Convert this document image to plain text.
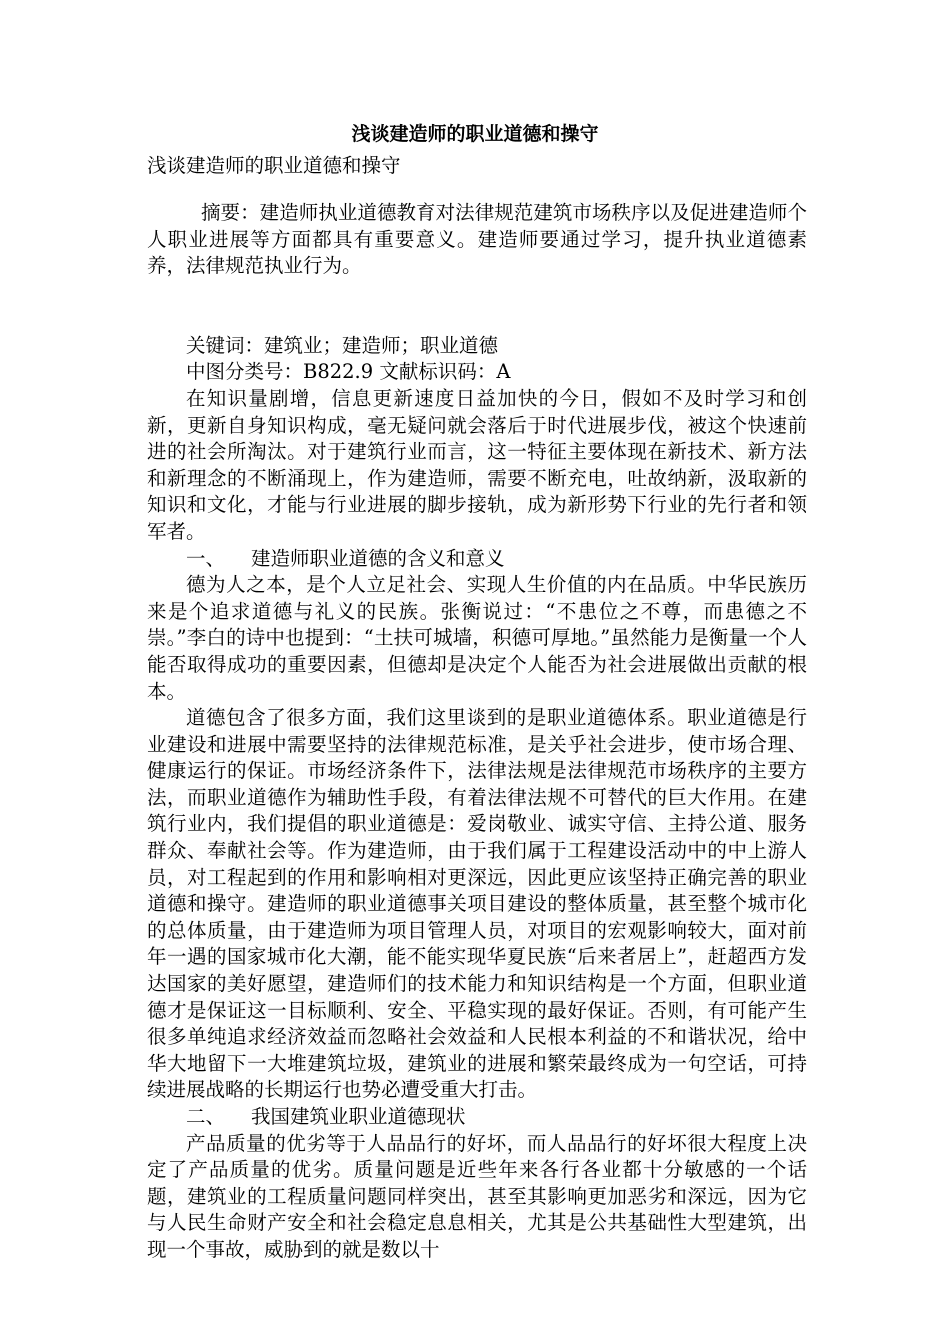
浅谈建造师的职业道德和操守
浅谈建造师的职业道德和操守

摘要：建造师执业道德教育对法律规范建筑市场秩序以及促进建造师个人职业进展等方面都具有重要意义。建造师要通过学习，提升执业道德素养，法律规范执业行为。

关键词：建筑业；建造师；职业道德

中图分类号：B822.9 文献标识码：A

在知识量剧增，信息更新速度日益加快的今日，假如不及时学习和创新，更新自身知识构成，毫无疑问就会落后于时代进展步伐，被这个快速前进的社会所淘汰。对于建筑行业而言，这一特征主要体现在新技术、新方法和新理念的不断涌现上，作为建造师，需要不断充电，吐故纳新，汲取新的知识和文化，才能与行业进展的脚步接轨，成为新形势下行业的先行者和领军者。

一、 建造师职业道德的含义和意义

德为人之本，是个人立足社会、实现人生价值的内在品质。中华民族历来是个追求道德与礼义的民族。张衡说过：“不患位之不尊，而患德之不崇。”李白的诗中也提到：“土扶可城墙，积德可厚地。”虽然能力是衡量一个人能否取得成功的重要因素，但德却是决定个人能否为社会进展做出贡献的根本。

道德包含了很多方面，我们这里谈到的是职业道德体系。职业道德是行业建设和进展中需要坚持的法律规范标准，是关乎社会进步，使市场合理、健康运行的保证。市场经济条件下，法律法规是法律规范市场秩序的主要方法，而职业道德作为辅助性手段，有着法律法规不可替代的巨大作用。在建筑行业内，我们提倡的职业道德是：爱岗敬业、诚实守信、主持公道、服务群众、奉献社会等。作为建造师，由于我们属于工程建设活动中的中上游人员，对工程起到的作用和影响相对更深远，因此更应该坚持正确完善的职业道德和操守。建造师的职业道德事关项目建设的整体质量，甚至整个城市化的总体质量，由于建造师为项目管理人员，对项目的宏观影响较大，面对前年一遇的国家城市化大潮，能不能实现华夏民族“后来者居上”，赶超西方发达国家的美好愿望，建造师们的技术能力和知识结构是一个方面，但职业道德才是保证这一目标顺利、安全、平稳实现的最好保证。否则，有可能产生很多单纯追求经济效益而忽略社会效益和人民根本利益的不和谐状况，给中华大地留下一大堆建筑垃圾，建筑业的进展和繁荣最终成为一句空话，可持续进展战略的长期运行也势必遭受重大打击。

二、 我国建筑业职业道德现状

产品质量的优劣等于人品品行的好坏，而人品品行的好坏很大程度上决定了产品质量的优劣。质量问题是近些年来各行各业都十分敏感的一个话题，建筑业的工程质量问题同样突出，甚至其影响更加恶劣和深远，因为它与人民生命财产安全和社会稳定息息相关，尤其是公共基础性大型建筑，出现一个事故，威胁到的就是数以十
